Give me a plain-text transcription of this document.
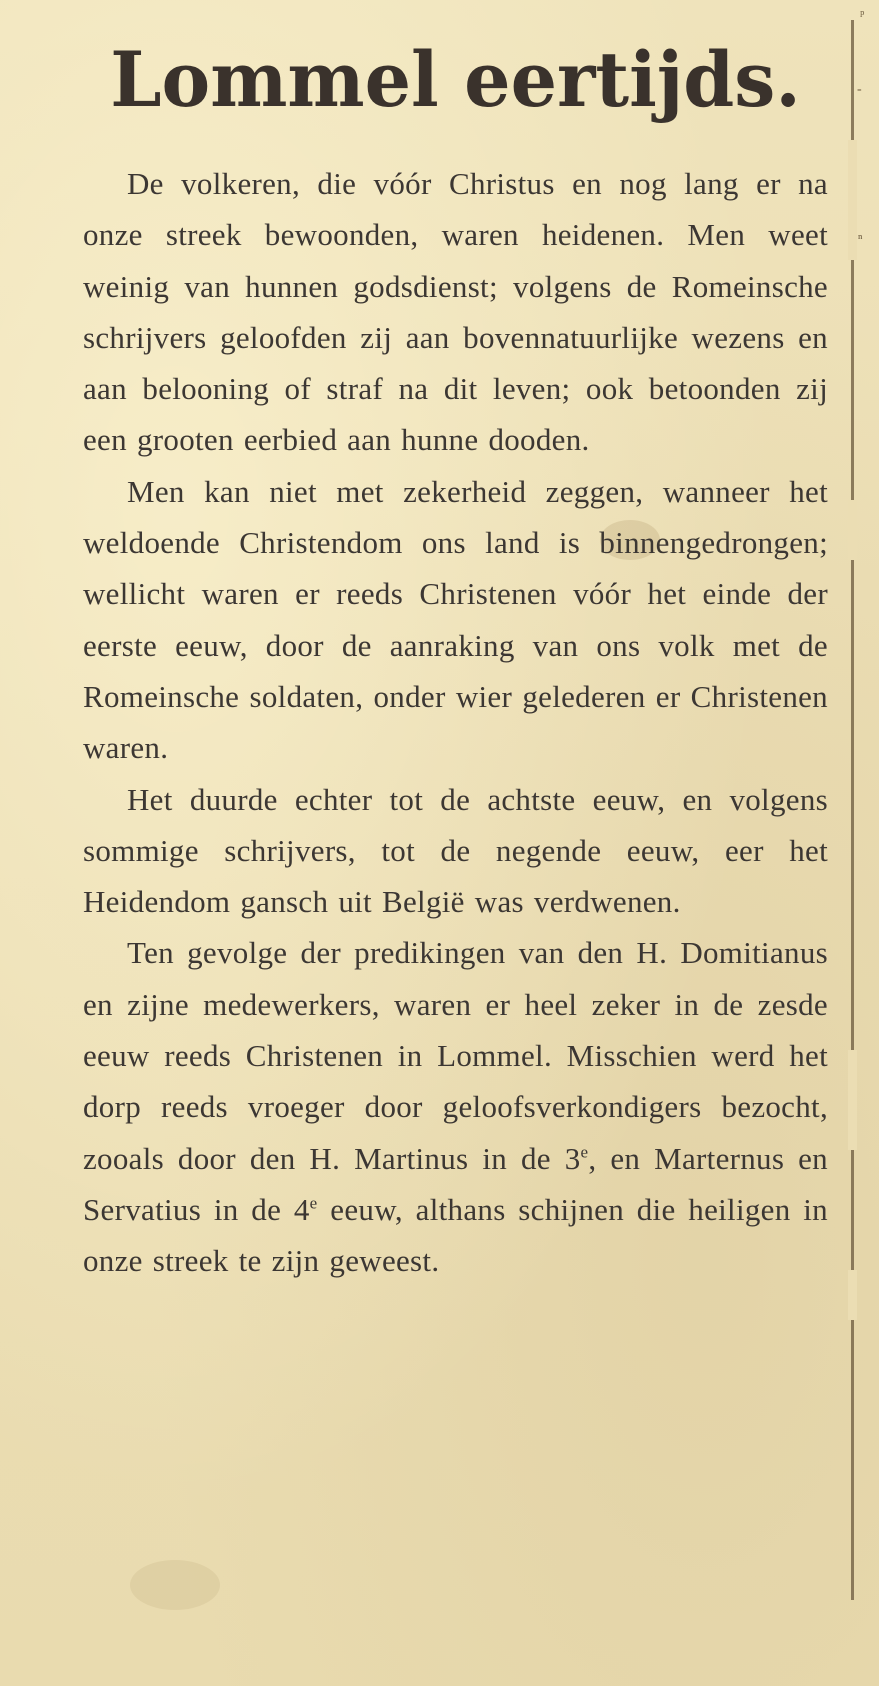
ᵖ
-
ⁿ
Lommel eertijds.

De volkeren, die vóór Christus en nog lang er na onze streek bewoonden, waren heidenen. Men weet weinig van hunnen godsdienst; volgens de Romeinsche schrijvers geloofden zij aan bovennatuurlijke wezens en aan belooning of straf na dit leven; ook betoonden zij een grooten eerbied aan hunne dooden.

Men kan niet met zekerheid zeggen, wanneer het weldoende Christendom ons land is binnengedrongen; wellicht waren er reeds Christenen vóór het einde der eerste eeuw, door de aanraking van ons volk met de Romeinsche soldaten, onder wier gelederen er Christenen waren.

Het duurde echter tot de achtste eeuw, en volgens sommige schrijvers, tot de negende eeuw, eer het Heidendom gansch uit België was verdwenen.

Ten gevolge der predikingen van den H. Domitianus en zijne medewerkers, waren er heel zeker in de zesde eeuw reeds Christenen in Lommel. Misschien werd het dorp reeds vroeger door geloofsverkondigers bezocht, zooals door den H. Martinus in de 3e, en Marternus en Servatius in de 4e eeuw, althans schijnen die heiligen in onze streek te zijn geweest.
